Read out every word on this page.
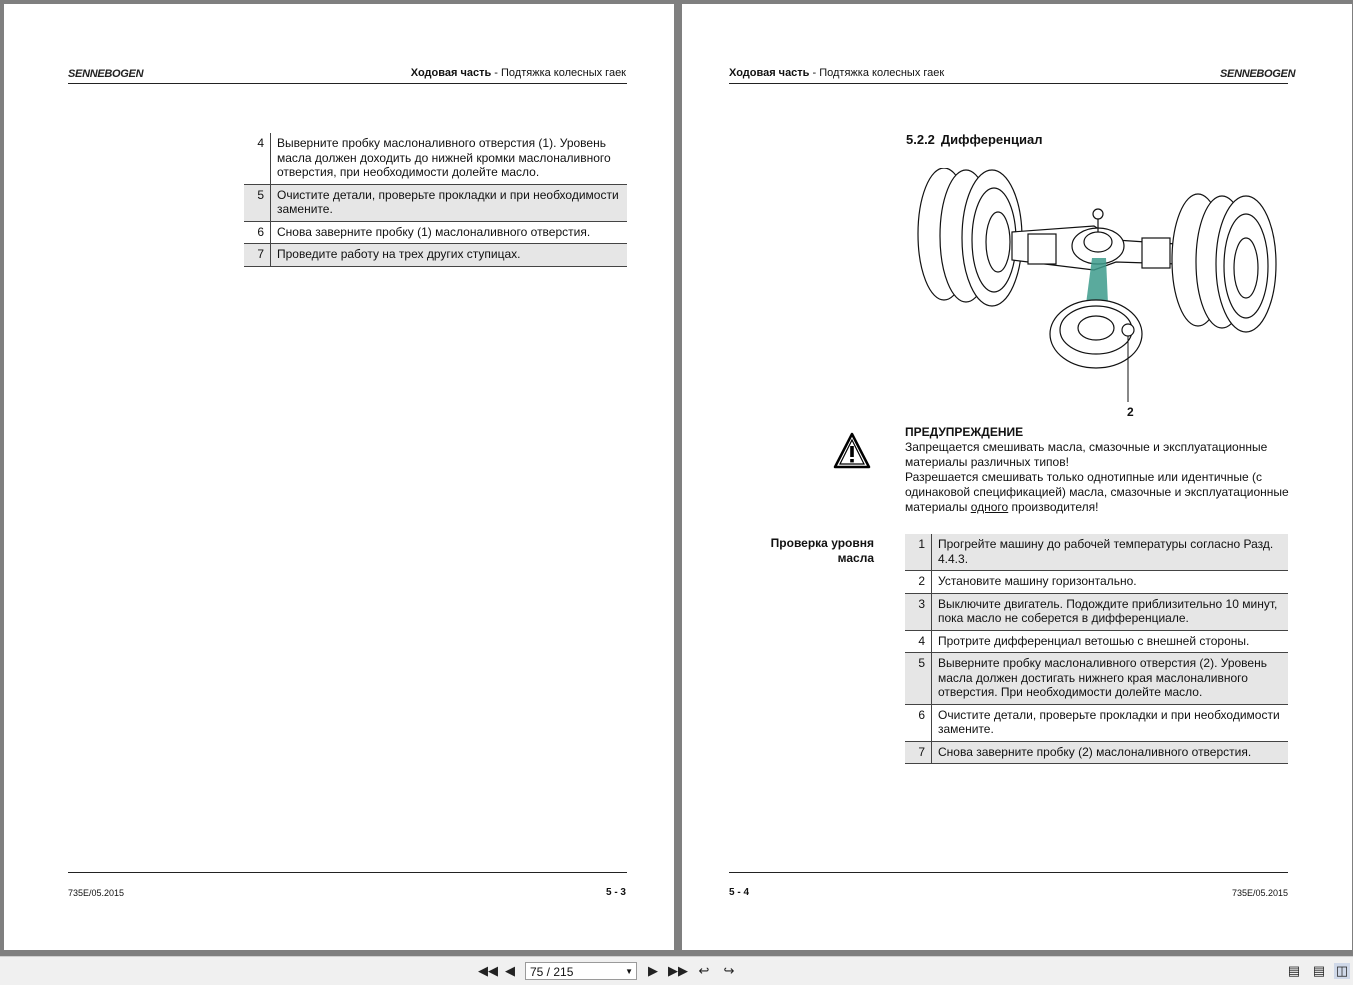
SENNEBOGEN	Ходовая часть - Подтяжка колесных гаек
4	Выверните пробку маслоналивного отверстия (1). Уровень масла должен доходить до нижней кромки маслоналивного отверстия, при необходимости долейте масло.
5	Очистите детали, проверьте прокладки и при необходимости замените.
6	Снова заверните пробку (1) маслоналивного отверстия.
7	Проведите работу на трех других ступицах.
735E/05.2015	5 - 3
Ходовая часть - Подтяжка колесных гаек	SENNEBOGEN
5.2.2 Дифференциал
2
ПРЕДУПРЕЖДЕНИЕ

Запрещается смешивать масла, смазочные и эксплуатационные материалы различных типов!

Разрешается смешивать только однотипные или идентичные (с одинаковой спецификацией) масла, смазочные и эксплуатационные материалы одного производителя!

Проверка уровня масла
1	Прогрейте машину до рабочей температуры согласно Разд. 4.4.3.
2	Установите машину горизонтально.
3	Выключите двигатель. Подождите приблизительно 10 минут, пока масло не соберется в дифференциале.
4	Протрите дифференциал ветошью с внешней стороны.
5	Выверните пробку маслоналивного отверстия (2). Уровень масла должен достигать нижнего края маслоналивного отверстия. При необходимости долейте масло.
6	Очистите детали, проверьте прокладки и при необходимости замените.
7	Снова заверните пробку (2) маслоналивного отверстия.
5 - 4	735E/05.2015
◀◀ ◀	75 / 215	▼ ▶ ▶▶ ↩ ↪	▤ ▤ ◫
